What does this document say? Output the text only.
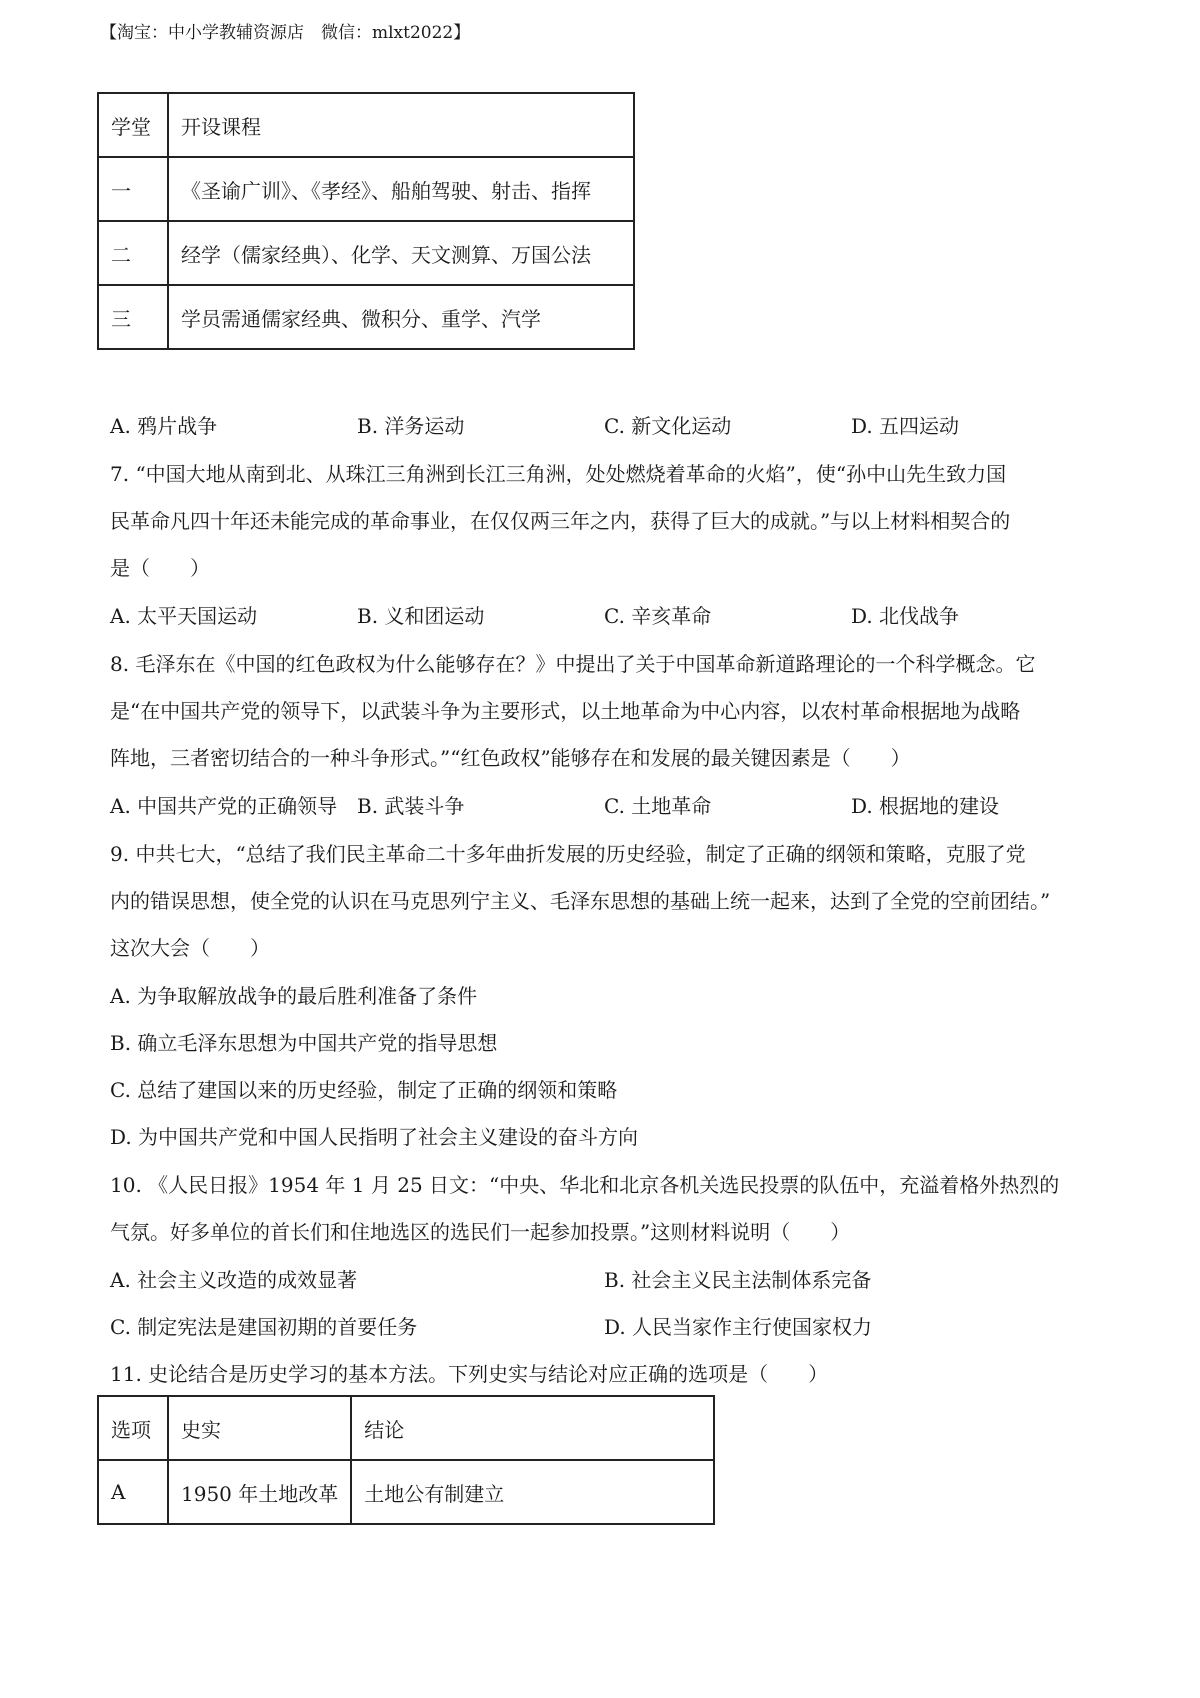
【淘宝：中小学教辅资源店　微信：mlxt2022】
学堂	开设课程
一	《圣谕广训》、《孝经》、船舶驾驶、射击、指挥
二	经学（儒家经典）、化学、天文测算、万国公法
三	学员需通儒家经典、微积分、重学、汽学
A. 鸦片战争	B. 洋务运动	C. 新文化运动	D. 五四运动
7. “中国大地从南到北、从珠江三角洲到长江三角洲，处处燃烧着革命的火焰”，使“孙中山先生致力国
民革命凡四十年还未能完成的革命事业，在仅仅两三年之内，获得了巨大的成就。”与以上材料相契合的
是（　　）
A. 太平天国运动	B. 义和团运动	C. 辛亥革命	D. 北伐战争
8. 毛泽东在《中国的红色政权为什么能够存在？》中提出了关于中国革命新道路理论的一个科学概念。它
是“在中国共产党的领导下，以武装斗争为主要形式，以土地革命为中心内容，以农村革命根据地为战略
阵地，三者密切结合的一种斗争形式。”“红色政权”能够存在和发展的最关键因素是（　　）
A. 中国共产党的正确领导 B. 武装斗争	C. 土地革命	D. 根据地的建设
9. 中共七大，“总结了我们民主革命二十多年曲折发展的历史经验，制定了正确的纲领和策略，克服了党
内的错误思想，使全党的认识在马克思列宁主义、毛泽东思想的基础上统一起来，达到了全党的空前团结。”
这次大会（　　）
A. 为争取解放战争的最后胜利准备了条件
B. 确立毛泽东思想为中国共产党的指导思想
C. 总结了建国以来的历史经验，制定了正确的纲领和策略
D. 为中国共产党和中国人民指明了社会主义建设的奋斗方向
10. 《人民日报》1954 年 1 月 25 日文：“中央、华北和北京各机关选民投票的队伍中，充溢着格外热烈的
气氛。好多单位的首长们和住地选区的选民们一起参加投票。”这则材料说明（　　）
A. 社会主义改造的成效显著	B. 社会主义民主法制体系完备
C. 制定宪法是建国初期的首要任务	D. 人民当家作主行使国家权力
11. 史论结合是历史学习的基本方法。下列史实与结论对应正确的选项是（　　）
选项	史实	结论
A	1950 年土地改革	土地公有制建立
